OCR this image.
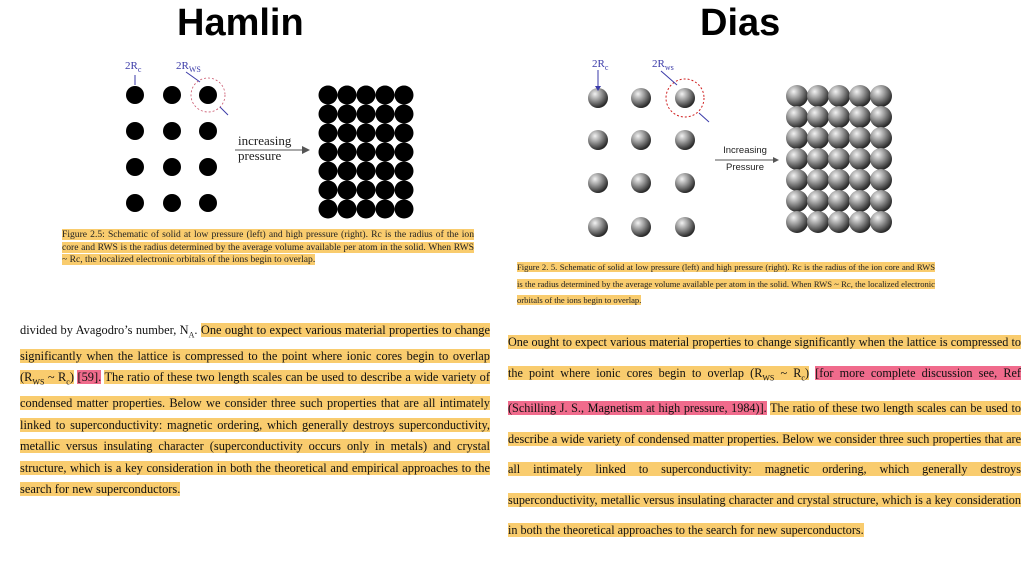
Hamlin
$2R_c$	$2R_{WS}$
increasing
pressure
Figure 2.5: Schematic of solid at low pressure (left) and high pressure (right). Rc is the radius of the ion core and RWS is the radius determined by the average volume available per atom in the solid. When RWS ~ Rc, the localized electronic orbitals of the ions begin to overlap.
divided by Avagodro’s number, $N_A$. One ought to expect various material properties to change significantly when the lattice is compressed to the point where ionic cores begin to overlap ($R_{WS}$ ~ $R_c$) [59]. The ratio of these two length scales can be used to describe a wide variety of condensed matter properties. Below we consider three such properties that are all intimately linked to superconductivity: magnetic ordering, which generally destroys superconductivity, metallic versus insulating character (superconductivity occurs only in metals) and crystal structure, which is a key consideration in both the theoretical and empirical approaches to the search for new superconductors.
Dias
$2R_c$	$2R_{ws}$
Increasing
Pressure
Figure 2. 5. Schematic of solid at low pressure (left) and high pressure (right). Rc is the radius of the ion core and RWS is the radius determined by the average volume available per atom in the solid. When RWS ~ Rc, the localized electronic orbitals of the ions begin to overlap.
One ought to expect various material properties to change significantly when the lattice is compressed to the point where ionic cores begin to overlap ($R_{WS}$ ~ $R_c$) [for more complete discussion see, Ref (Schilling J. S., Magnetism at high pressure, 1984)]. The ratio of these two length scales can be used to describe a wide variety of condensed matter properties. Below we consider three such properties that are all intimately linked to superconductivity: magnetic ordering, which generally destroys superconductivity, metallic versus insulating character and crystal structure, which is a key consideration in both the theoretical approaches to the search for new superconductors.
